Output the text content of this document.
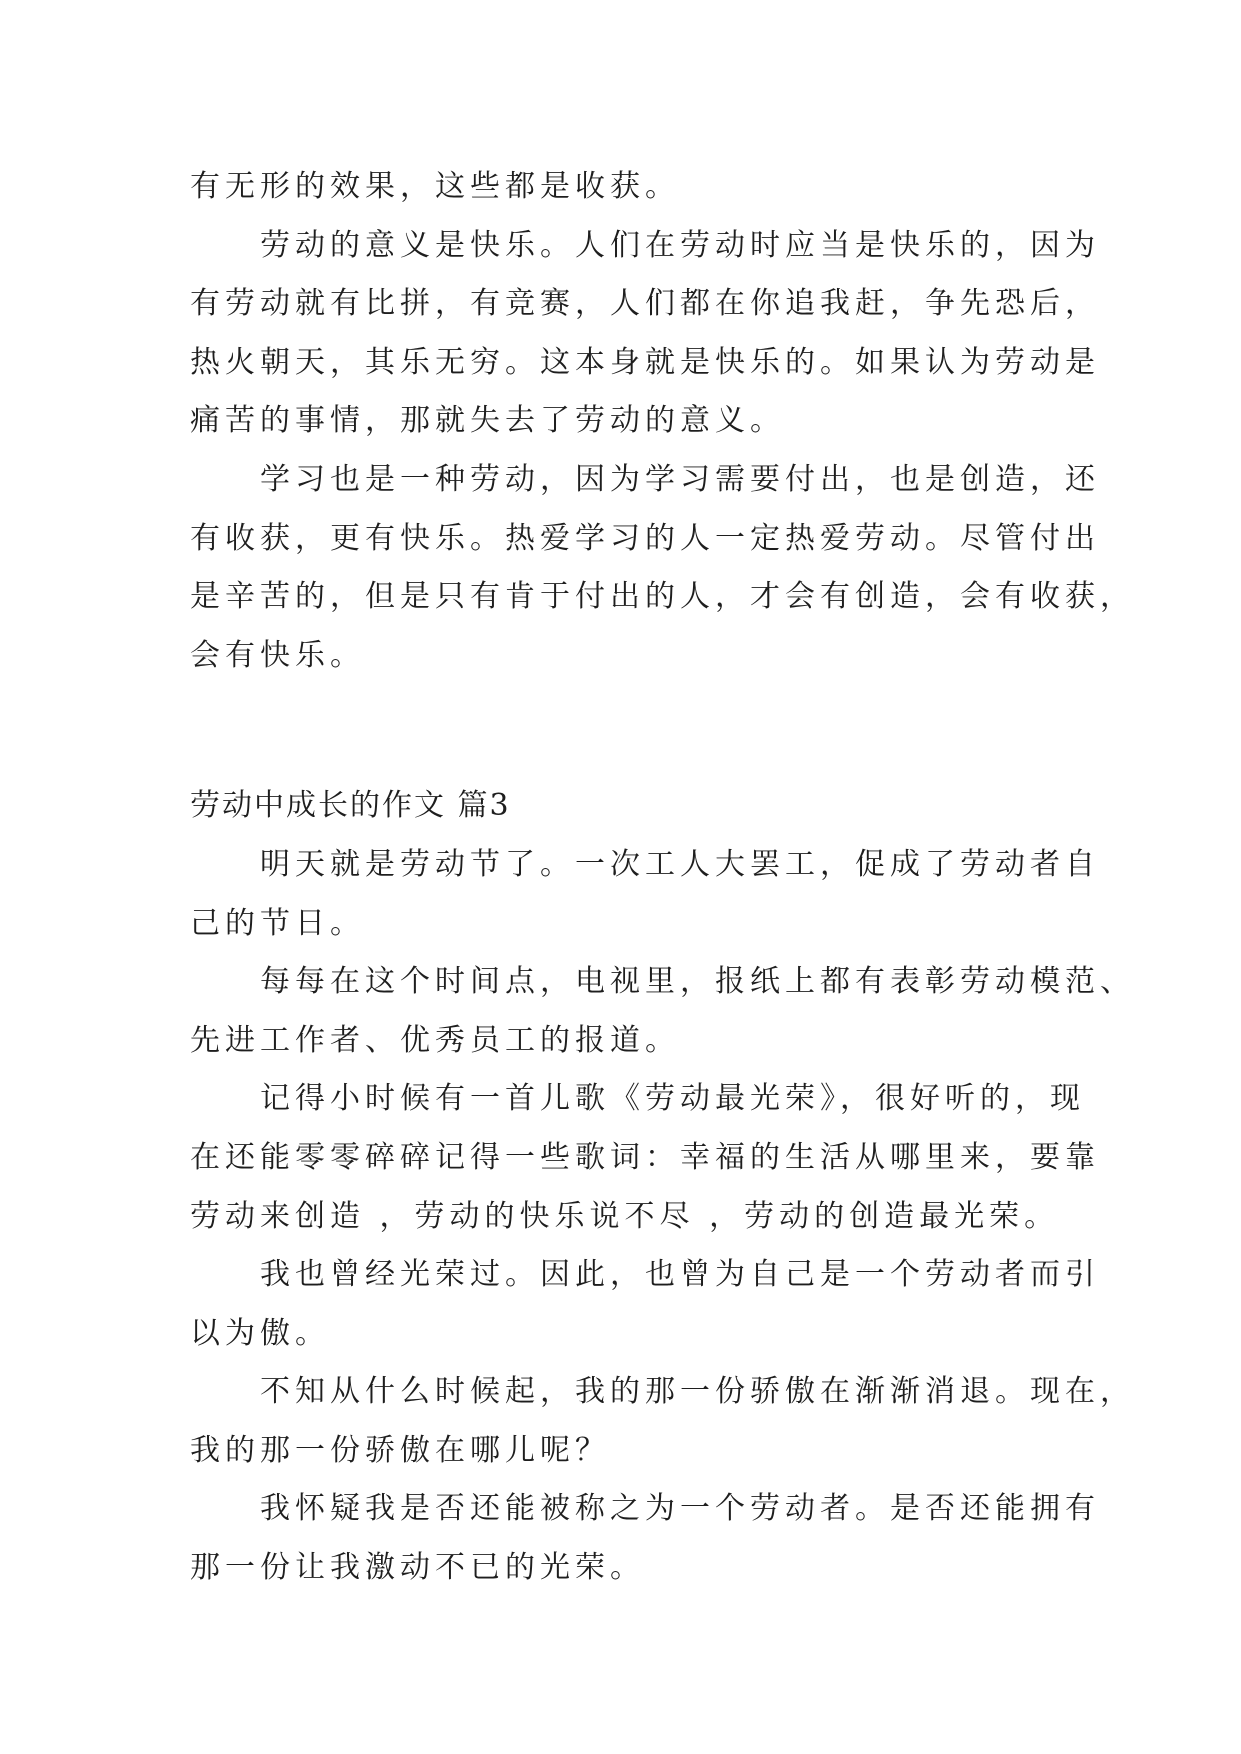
有无形的效果，这些都是收获。
劳动的意义是快乐。人们在劳动时应当是快乐的，因为
有劳动就有比拼，有竞赛，人们都在你追我赶，争先恐后，
热火朝天，其乐无穷。这本身就是快乐的。如果认为劳动是
痛苦的事情，那就失去了劳动的意义。
学习也是一种劳动，因为学习需要付出，也是创造，还
有收获，更有快乐。热爱学习的人一定热爱劳动。尽管付出
是辛苦的，但是只有肯于付出的人，才会有创造，会有收获，
会有快乐。
劳动中成长的作文 篇3
明天就是劳动节了。一次工人大罢工，促成了劳动者自
己的节日。
每每在这个时间点，电视里，报纸上都有表彰劳动模范、
先进工作者、优秀员工的报道。
记得小时候有一首儿歌《劳动最光荣》，很好听的，现
在还能零零碎碎记得一些歌词：幸福的生活从哪里来，要靠
劳动来创造 ，劳动的快乐说不尽 ，劳动的创造最光荣。
我也曾经光荣过。因此，也曾为自己是一个劳动者而引
以为傲。
不知从什么时候起，我的那一份骄傲在渐渐消退。现在，
我的那一份骄傲在哪儿呢？
我怀疑我是否还能被称之为一个劳动者。是否还能拥有
那一份让我激动不已的光荣。
